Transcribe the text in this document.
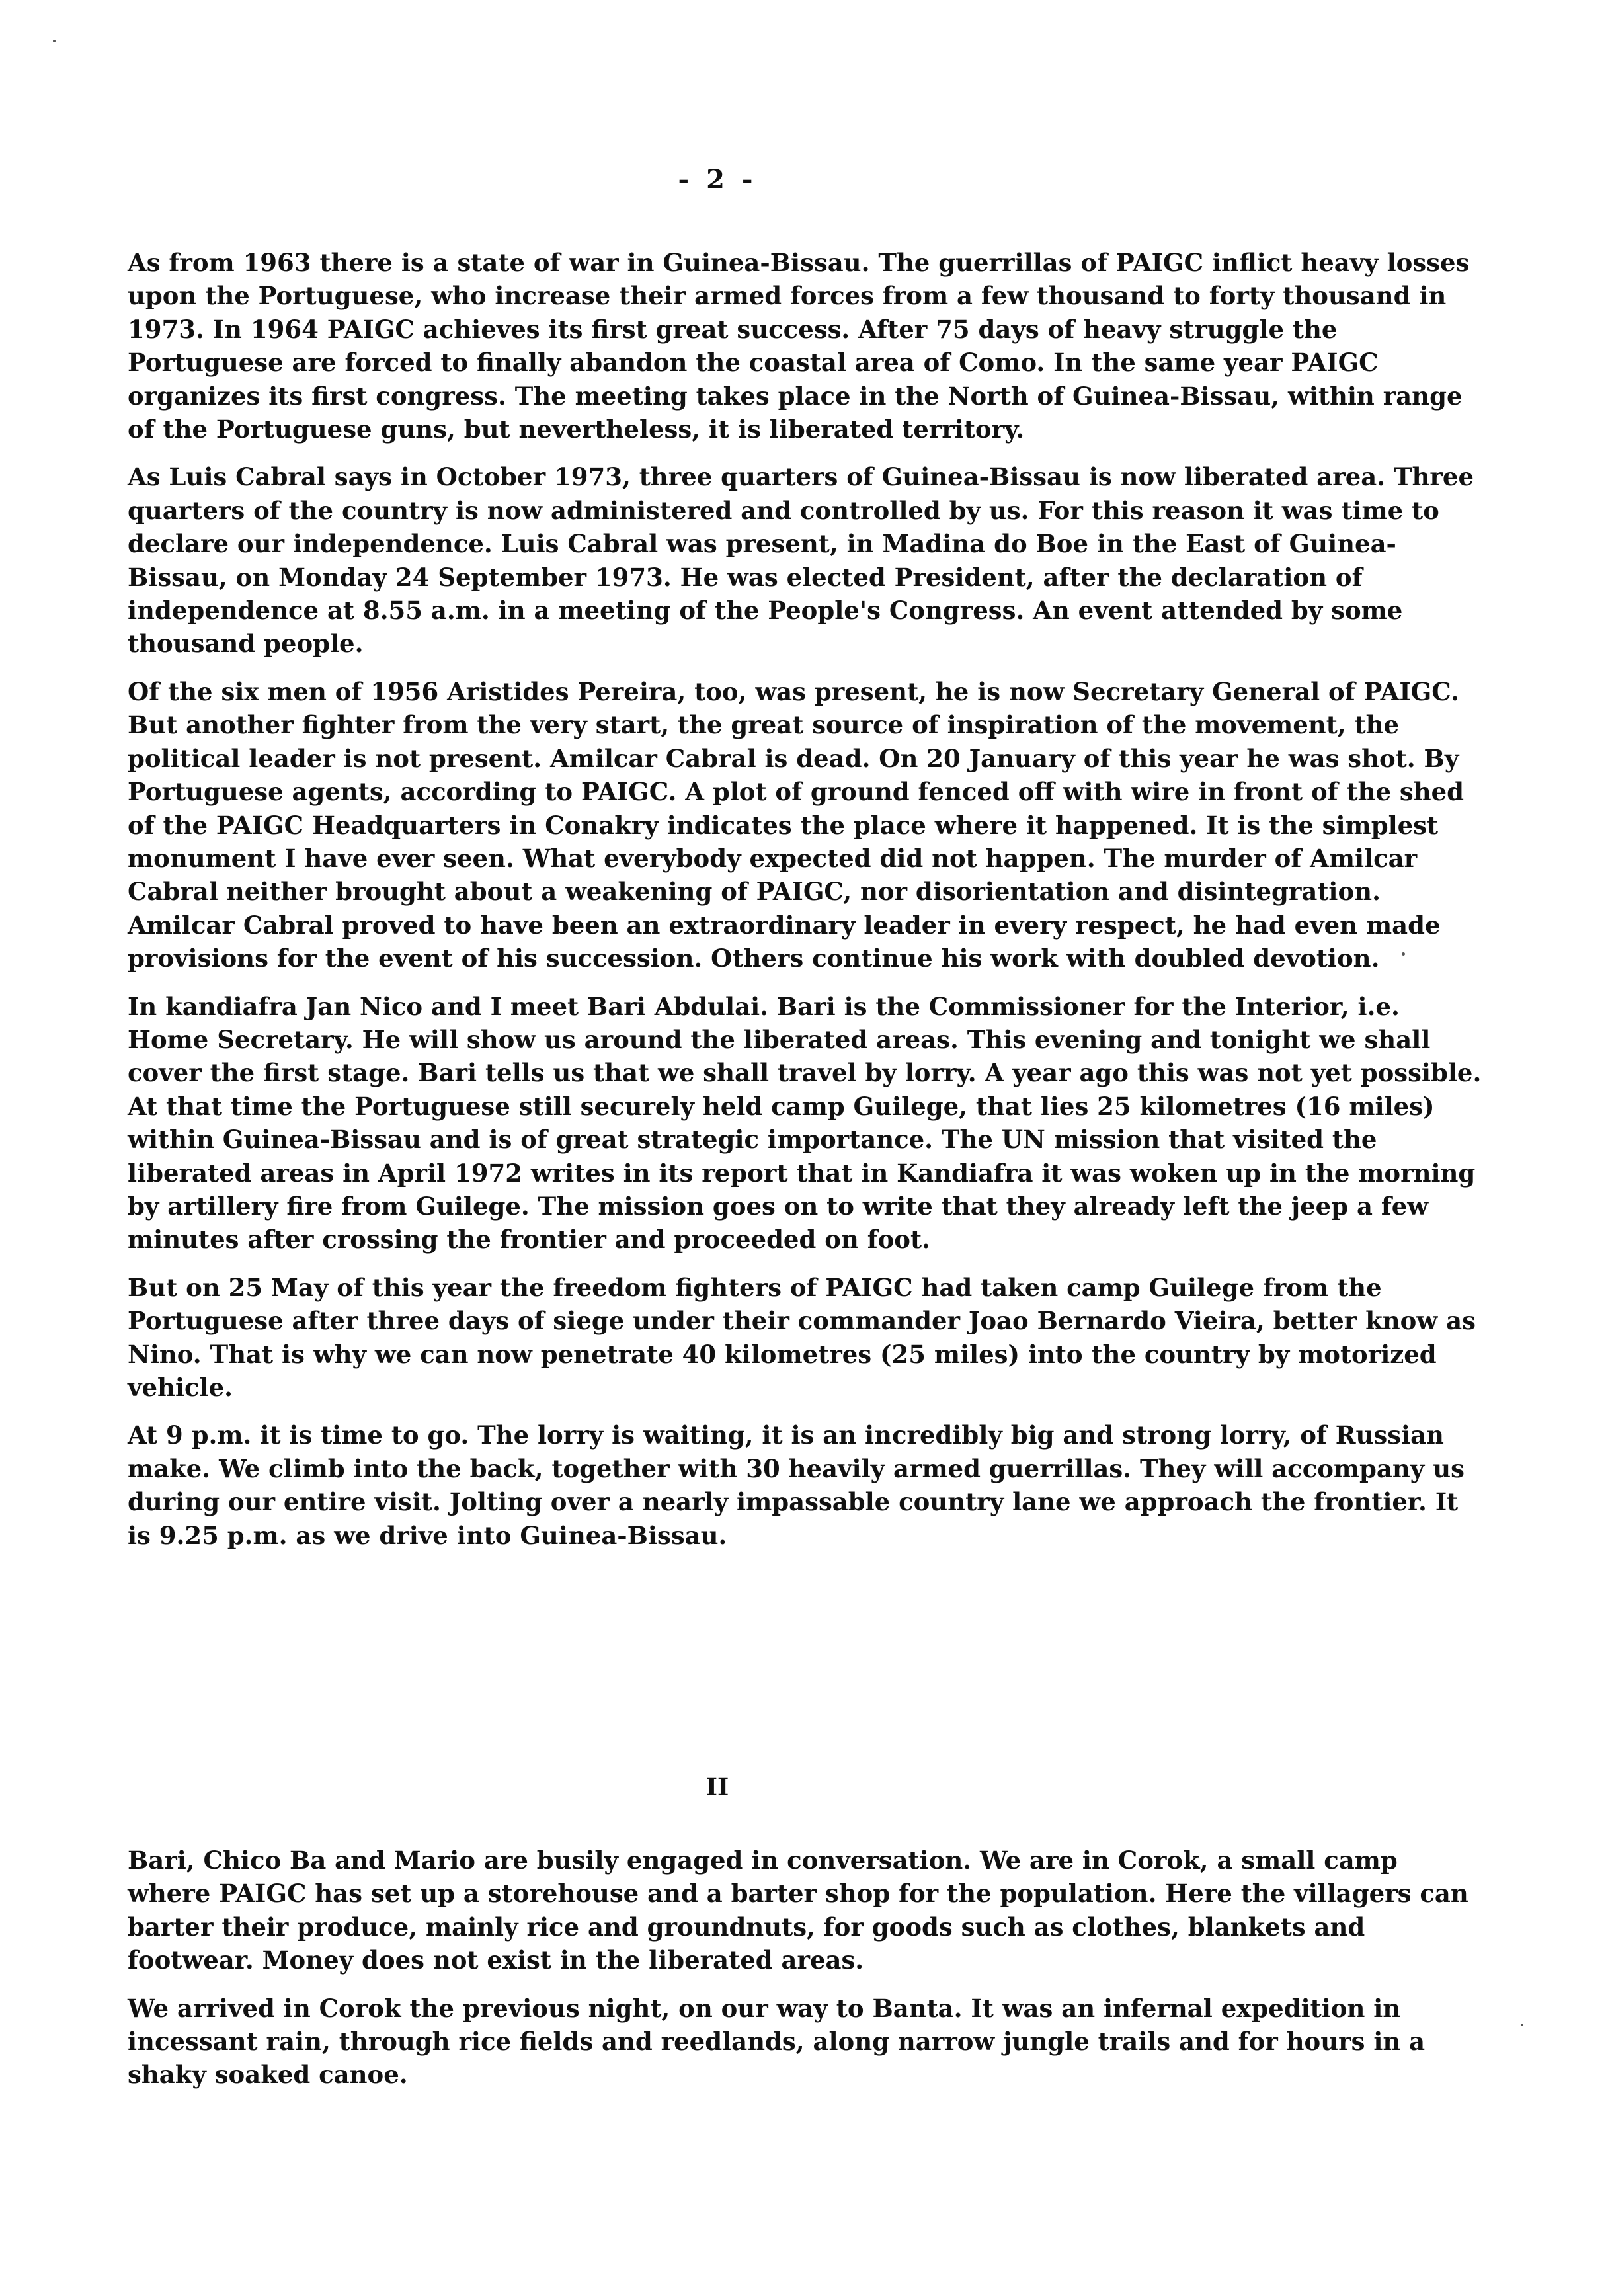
- 2 -

As from 1963 there is a state of war in Guinea-Bissau. The guerrillas of PAIGC inflict heavy losses upon the Portuguese, who increase their armed forces from a few thousand to forty thousand in 1973. In 1964 PAIGC achieves its first great success. After 75 days of heavy struggle the Portuguese are forced to finally abandon the coastal area of Como. In the same year PAIGC organizes its first congress. The meeting takes place in the North of Guinea-Bissau, within range of the Portuguese guns, but nevertheless, it is liberated territory.

As Luis Cabral says in October 1973, three quarters of Guinea-Bissau is now liberated area. Three quarters of the country is now administered and controlled by us. For this reason it was time to declare our independence. Luis Cabral was present, in Madina do Boe in the East of Guinea-Bissau, on Monday 24 September 1973. He was elected President, after the declaration of independence at 8.55 a.m. in a meeting of the People's Congress. An event attended by some thousand people.

Of the six men of 1956 Aristides Pereira, too, was present, he is now Secretary General of PAIGC. But another fighter from the very start, the great source of inspiration of the movement, the political leader is not present. Amilcar Cabral is dead. On 20 January of this year he was shot. By Portuguese agents, according to PAIGC. A plot of ground fenced off with wire in front of the shed of the PAIGC Headquarters in Conakry indicates the place where it happened. It is the simplest monument I have ever seen. What everybody expected did not happen. The murder of Amilcar Cabral neither brought about a weakening of PAIGC, nor disorientation and disintegration. Amilcar Cabral proved to have been an extraordinary leader in every respect, he had even made provisions for the event of his succession. Others continue his work with doubled devotion.

In kandiafra Jan Nico and I meet Bari Abdulai. Bari is the Commissioner for the Interior, i.e. Home Secretary. He will show us around the liberated areas. This evening and tonight we shall cover the first stage. Bari tells us that we shall travel by lorry. A year ago this was not yet possible. At that time the Portuguese still securely held camp Guilege, that lies 25 kilometres (16 miles) within Guinea-Bissau and is of great strategic importance. The UN mission that visited the liberated areas in April 1972 writes in its report that in Kandiafra it was woken up in the morning by artillery fire from Guilege. The mission goes on to write that they already left the jeep a few minutes after crossing the frontier and proceeded on foot.

But on 25 May of this year the freedom fighters of PAIGC had taken camp Guilege from the Portuguese after three days of siege under their commander Joao Bernardo Vieira, better know as Nino. That is why we can now penetrate 40 kilometres (25 miles) into the country by motorized vehicle.

At 9 p.m. it is time to go. The lorry is waiting, it is an incredibly big and strong lorry, of Russian make. We climb into the back, together with 30 heavily armed guerrillas. They will accompany us during our entire visit. Jolting over a nearly impassable country lane we approach the frontier. It is 9.25 p.m. as we drive into Guinea-Bissau.

II

Bari, Chico Ba and Mario are busily engaged in conversation. We are in Corok, a small camp where PAIGC has set up a storehouse and a barter shop for the population. Here the villagers can barter their produce, mainly rice and groundnuts, for goods such as clothes, blankets and footwear. Money does not exist in the liberated areas.

We arrived in Corok the previous night, on our way to Banta. It was an infernal expedition in incessant rain, through rice fields and reedlands, along narrow jungle trails and for hours in a shaky soaked canoe.
